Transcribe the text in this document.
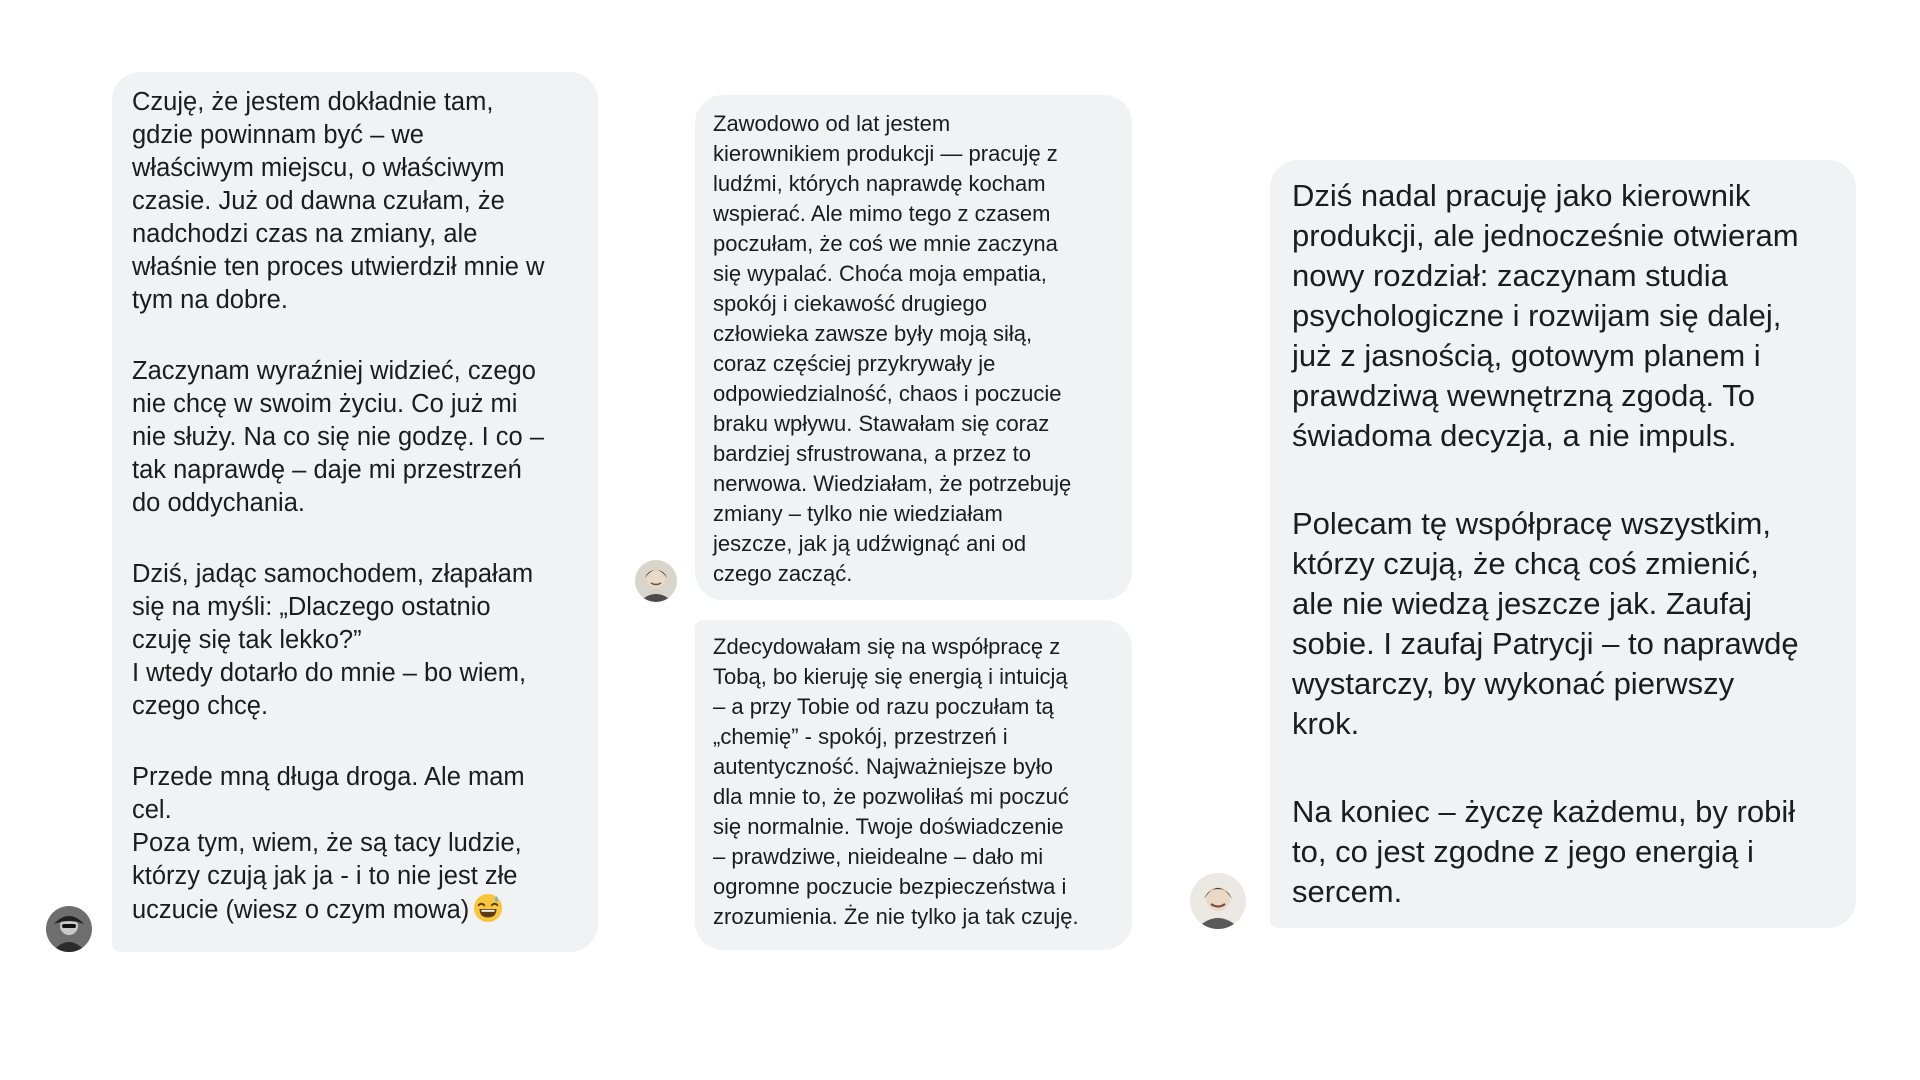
Czuję, że jestem dokładnie tam,
gdzie powinnam być – we
właściwym miejscu, o właściwym
czasie. Już od dawna czułam, że
nadchodzi czas na zmiany, ale
właśnie ten proces utwierdził mnie w
tym na dobre.

Zaczynam wyraźniej widzieć, czego
nie chcę w swoim życiu. Co już mi
nie służy. Na co się nie godzę. I co –
tak naprawdę – daje mi przestrzeń
do oddychania.

Dziś, jadąc samochodem, złapałam
się na myśli: „Dlaczego ostatnio
czuję się tak lekko?”
I wtedy dotarło do mnie – bo wiem,
czego chcę.

Przede mną długa droga. Ale mam
cel.
Poza tym, wiem, że są tacy ludzie,
którzy czują jak ja - i to nie jest złe
uczucie (wiesz o czym mowa)

Zawodowo od lat jestem
kierownikiem produkcji — pracuję z
ludźmi, których naprawdę kocham
wspierać. Ale mimo tego z czasem
poczułam, że coś we mnie zaczyna
się wypalać. Choća moja empatia,
spokój i ciekawość drugiego
człowieka zawsze były moją siłą,
coraz częściej przykrywały je
odpowiedzialność, chaos i poczucie
braku wpływu. Stawałam się coraz
bardziej sfrustrowana, a przez to
nerwowa. Wiedziałam, że potrzebuję
zmiany – tylko nie wiedziałam
jeszcze, jak ją udźwignąć ani od
czego zacząć.

Zdecydowałam się na współpracę z
Tobą, bo kieruję się energią i intuicją
– a przy Tobie od razu poczułam tą
„chemię” - spokój, przestrzeń i
autentyczność. Najważniejsze było
dla mnie to, że pozwoliłaś mi poczuć
się normalnie. Twoje doświadczenie
– prawdziwe, nieidealne – dało mi
ogromne poczucie bezpieczeństwa i
zrozumienia. Że nie tylko ja tak czuję.

Dziś nadal pracuję jako kierownik
produkcji, ale jednocześnie otwieram
nowy rozdział: zaczynam studia
psychologiczne i rozwijam się dalej,
już z jasnością, gotowym planem i
prawdziwą wewnętrzną zgodą. To
świadoma decyzja, a nie impuls.

Polecam tę współpracę wszystkim,
którzy czują, że chcą coś zmienić,
ale nie wiedzą jeszcze jak. Zaufaj
sobie. I zaufaj Patrycji – to naprawdę
wystarczy, by wykonać pierwszy
krok.

Na koniec – życzę każdemu, by robił
to, co jest zgodne z jego energią i
sercem.
